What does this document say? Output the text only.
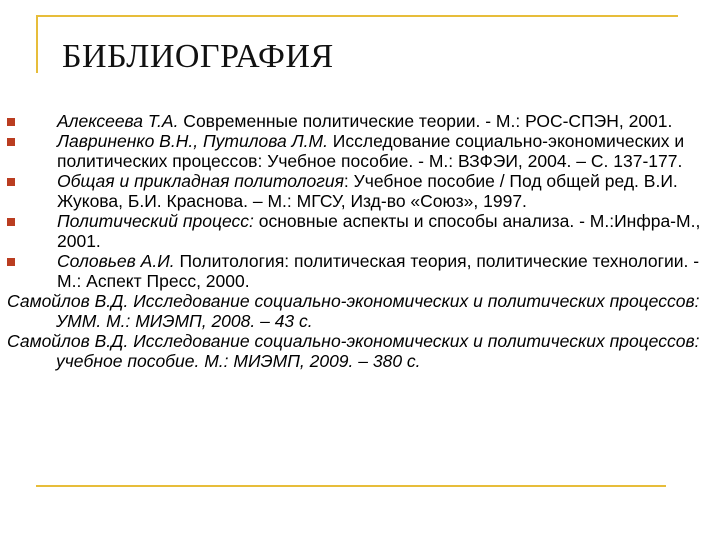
БИБЛИОГРАФИЯ
Алексеева Т.А. Современные политические теории. - М.: РОС-СПЭН, 2001.
Лавриненко В.Н., Путилова Л.М. Исследование социально-экономических и политических процессов: Учебное пособие. - М.: ВЗФЭИ, 2004. – С. 137-177.
Общая и прикладная политология: Учебное пособие / Под общей ред. В.И. Жукова, Б.И. Краснова. – М.: МГСУ, Изд-во «Союз», 1997.
Политический процесс: основные аспекты и способы анализа. - М.:Инфра-М., 2001.
Соловьев А.И. Политология: политическая теория, политические технологии. - М.: Аспект Пресс, 2000.
Самойлов В.Д. Исследование социально-экономических и политических процессов: УММ. М.: МИЭМП, 2008. – 43 с.
Самойлов В.Д. Исследование социально-экономических и политических процессов: учебное пособие. М.: МИЭМП, 2009. – 380 с.
